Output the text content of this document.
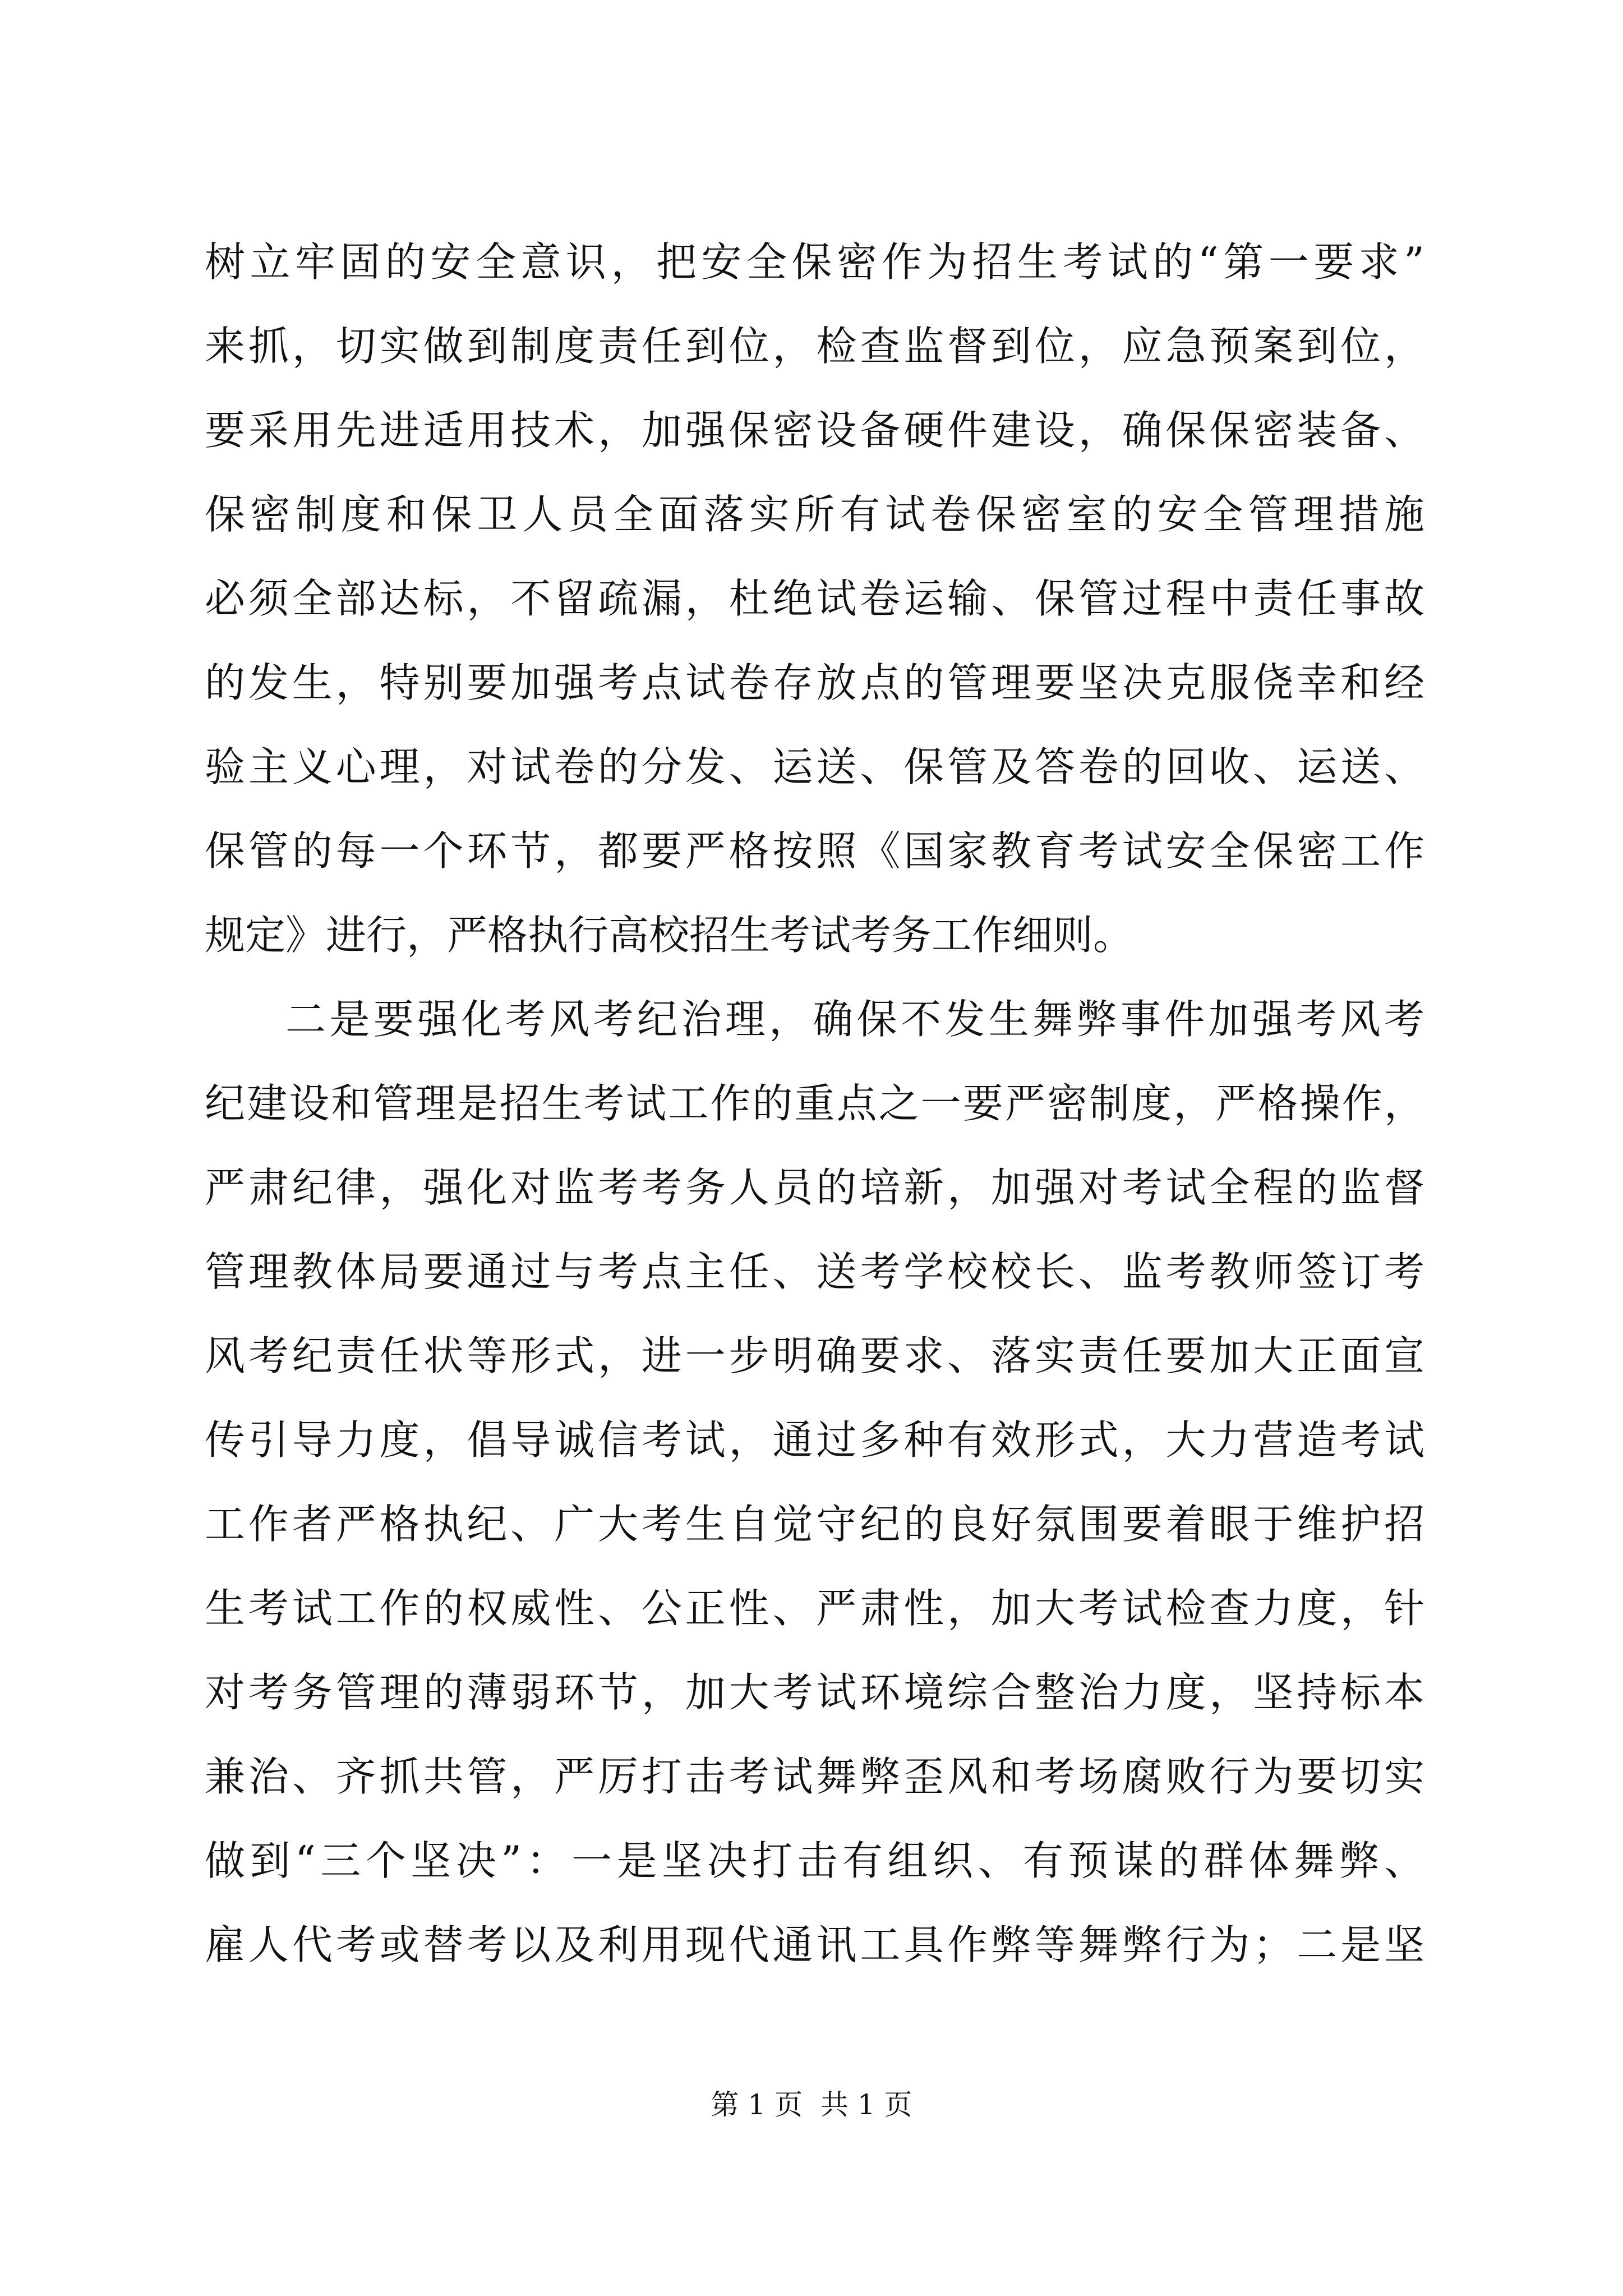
树立牢固的安全意识，把安全保密作为招生考试的“第一要求”
来抓，切实做到制度责任到位，检查监督到位，应急预案到位，
要采用先进适用技术，加强保密设备硬件建设，确保保密装备、
保密制度和保卫人员全面落实所有试卷保密室的安全管理措施
必须全部达标，不留疏漏，杜绝试卷运输、保管过程中责任事故
的发生，特别要加强考点试卷存放点的管理要坚决克服侥幸和经
验主义心理，对试卷的分发、运送、保管及答卷的回收、运送、
保管的每一个环节，都要严格按照《国家教育考试安全保密工作
规定》进行，严格执行高校招生考试考务工作细则。
二是要强化考风考纪治理，确保不发生舞弊事件加强考风考
纪建设和管理是招生考试工作的重点之一要严密制度，严格操作，
严肃纪律，强化对监考考务人员的培新，加强对考试全程的监督
管理教体局要通过与考点主任、送考学校校长、监考教师签订考
风考纪责任状等形式，进一步明确要求、落实责任要加大正面宣
传引导力度，倡导诚信考试，通过多种有效形式，大力营造考试
工作者严格执纪、广大考生自觉守纪的良好氛围要着眼于维护招
生考试工作的权威性、公正性、严肃性，加大考试检查力度，针
对考务管理的薄弱环节，加大考试环境综合整治力度，坚持标本
兼治、齐抓共管，严厉打击考试舞弊歪风和考场腐败行为要切实
做到“三个坚决”：一是坚决打击有组织、有预谋的群体舞弊、
雇人代考或替考以及利用现代通讯工具作弊等舞弊行为；二是坚
第 1 页  共 1 页
